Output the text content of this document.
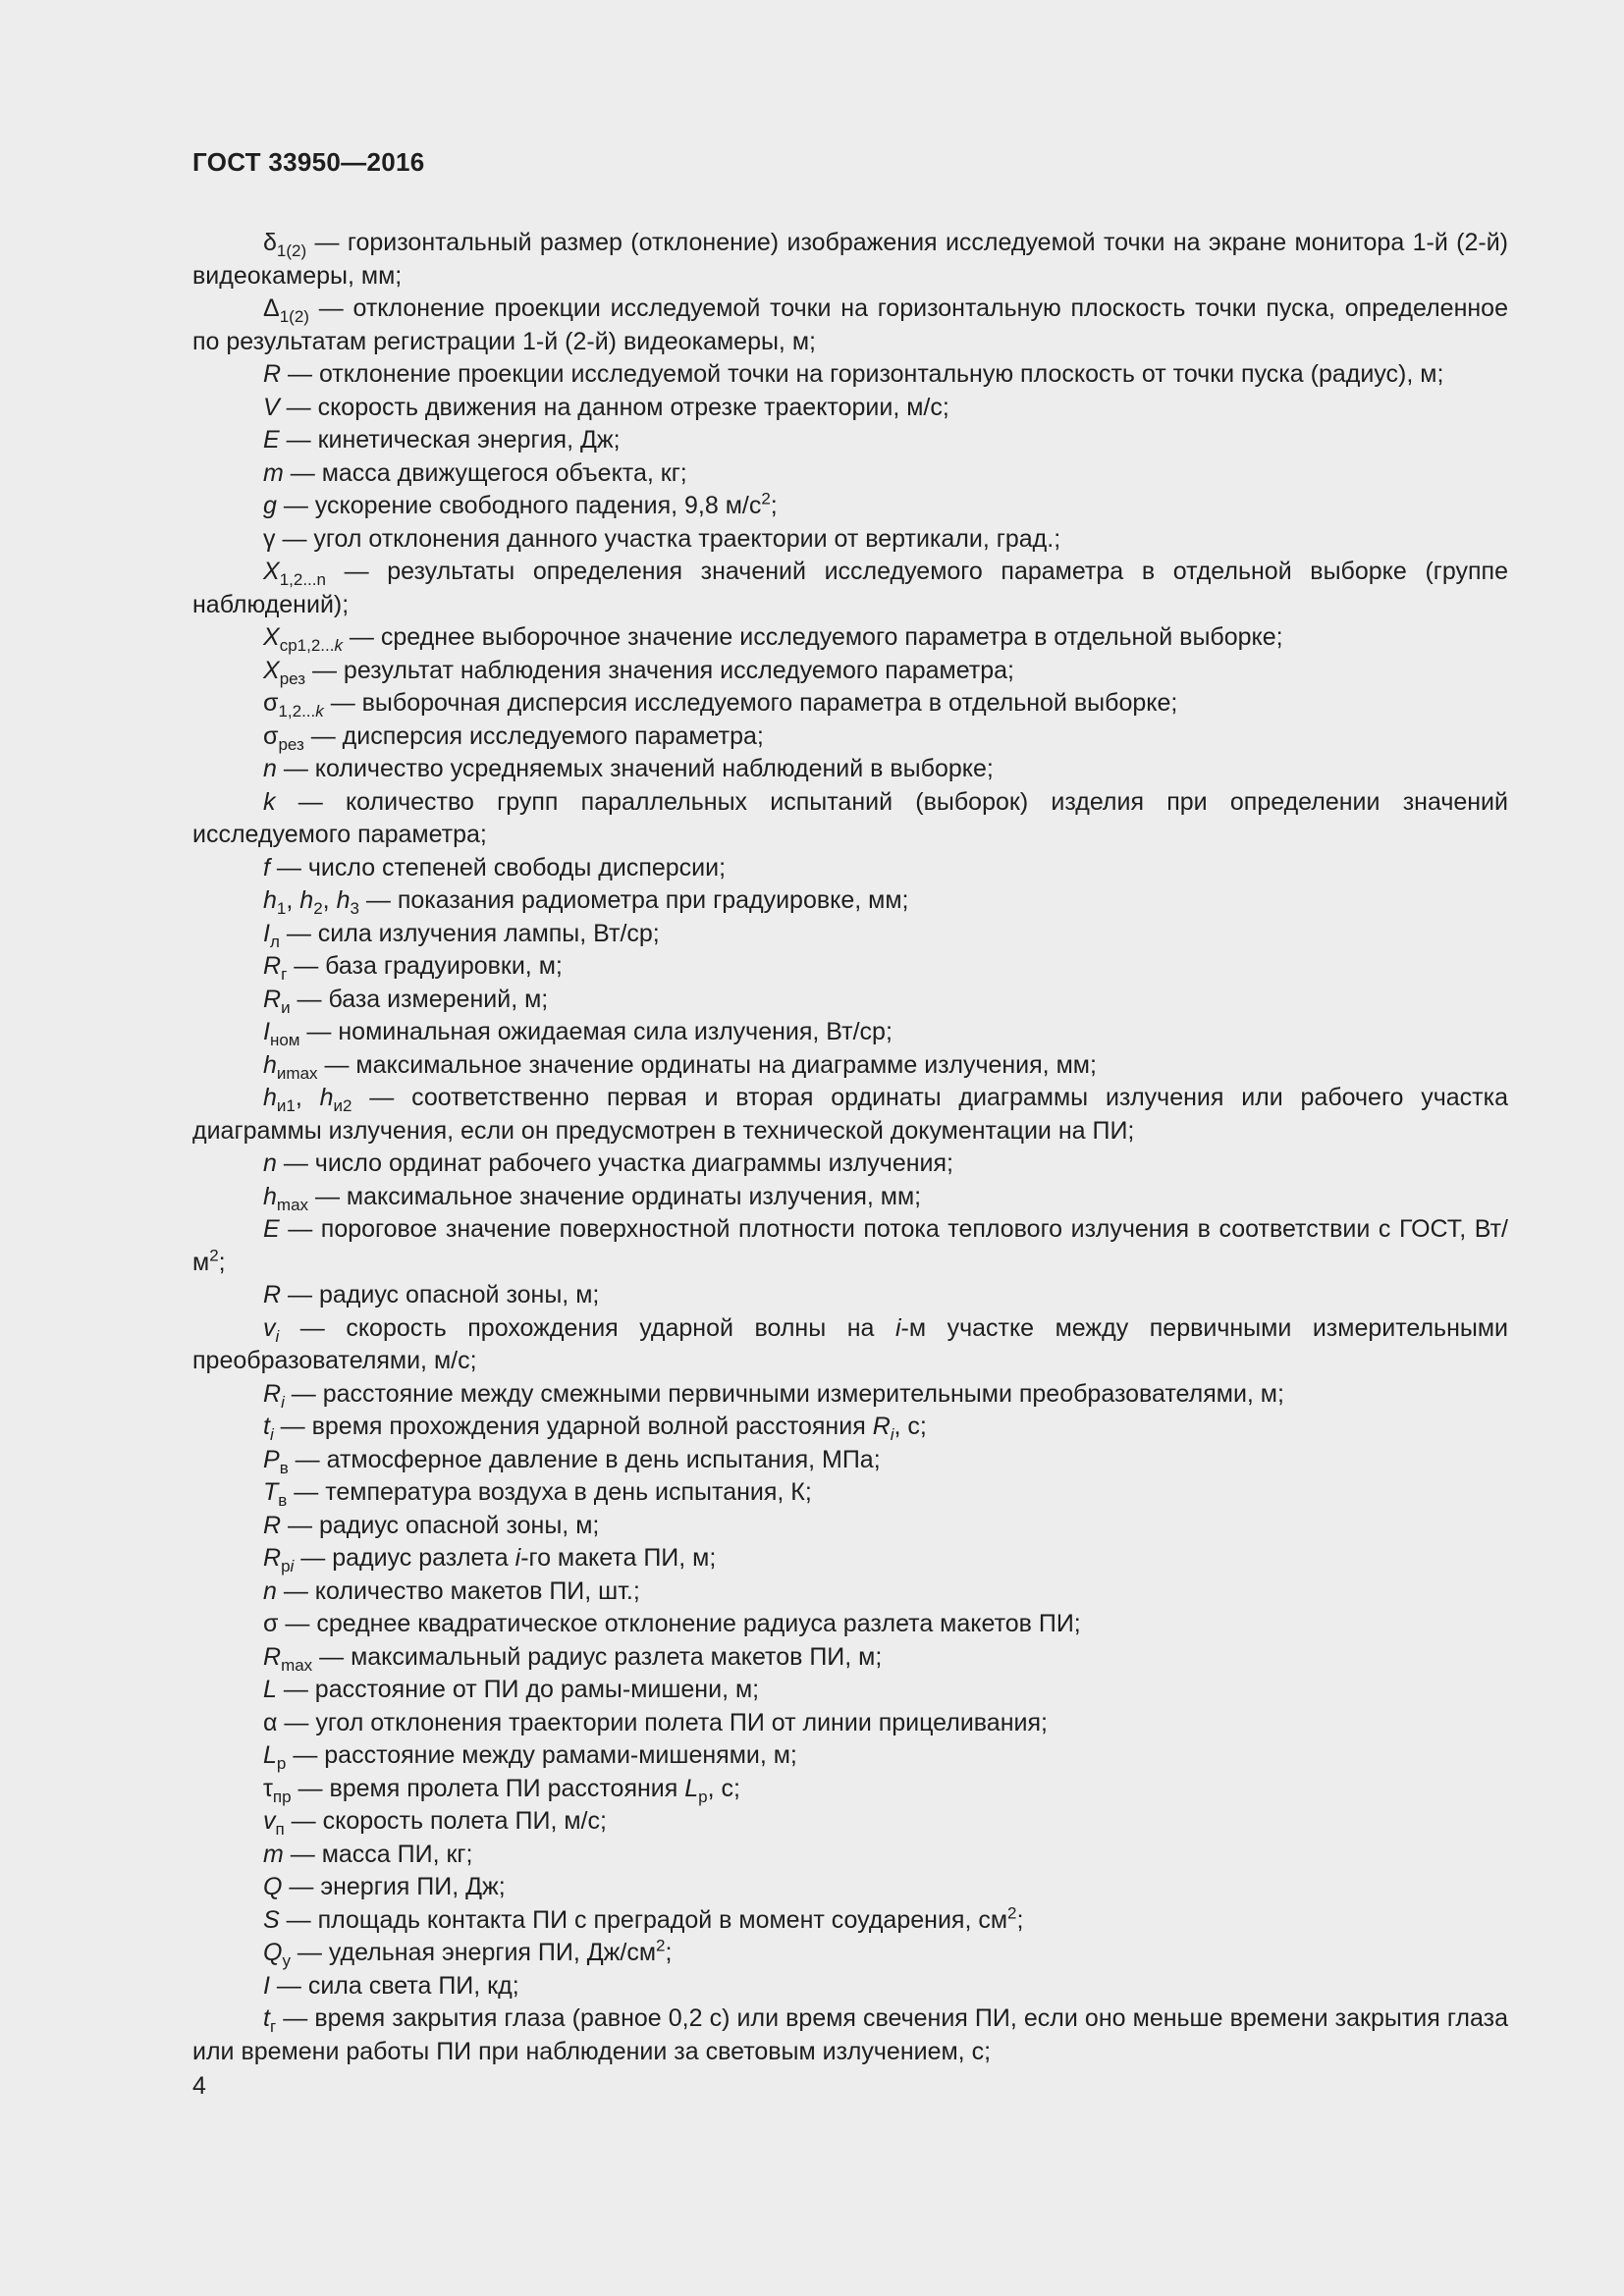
ГОСТ 33950—2016

$\delta_{1(2)}$ — горизонтальный размер (отклонение) изображения исследуемой точки на экране монитора 1-й (2-й) видеокамеры, мм;

$\Delta_{1(2)}$ — отклонение проекции исследуемой точки на горизонтальную плоскость точки пуска, определенное по результатам регистрации 1-й (2-й) видеокамеры, м;

R — отклонение проекции исследуемой точки на горизонтальную плоскость от точки пуска (радиус), м;

V — скорость движения на данном отрезке траектории, м/с;

E — кинетическая энергия, Дж;

m — масса движущегося объекта, кг;

g — ускорение свободного падения, 9,8 $м/с^2$;

γ — угол отклонения данного участка траектории от вертикали, град.;

$X_{1,2...n}$ — результаты определения значений исследуемого параметра в отдельной выборке (группе наблюдений);

$X_{ср1,2...k}$ — среднее выборочное значение исследуемого параметра в отдельной выборке;

$X_{рез}$ — результат наблюдения значения исследуемого параметра;

$\sigma_{1,2...k}$ — выборочная дисперсия исследуемого параметра в отдельной выборке;

$\sigma_{рез}$ — дисперсия исследуемого параметра;

n — количество усредняемых значений наблюдений в выборке;

k — количество групп параллельных испытаний (выборок) изделия при определении значений исследуемого параметра;

f — число степеней свободы дисперсии;

$h_1$, $h_2$, $h_3$ — показания радиометра при градуировке, мм;

$I_л$ — сила излучения лампы, Вт/ср;

$R_г$ — база градуировки, м;

$R_и$ — база измерений, м;

$I_{ном}$ — номинальная ожидаемая сила излучения, Вт/ср;

$h_{иmax}$ — максимальное значение ординаты на диаграмме излучения, мм;

$h_{и1}$, $h_{и2}$ — соответственно первая и вторая ординаты диаграммы излучения или рабочего участка диаграммы излучения, если он предусмотрен в технической документации на ПИ;

n — число ординат рабочего участка диаграммы излучения;

$h_{max}$ — максимальное значение ординаты излучения, мм;

E — пороговое значение поверхностной плотности потока теплового излучения в соответствии с ГОСТ, $Вт/м^2$;

R — радиус опасной зоны, м;

$v_i$ — скорость прохождения ударной волны на i-м участке между первичными измерительными преобразователями, м/с;

$R_i$ — расстояние между смежными первичными измерительными преобразователями, м;

$t_i$ — время прохождения ударной волной расстояния $R_i$, с;

$P_в$ — атмосферное давление в день испытания, МПа;

$T_в$ — температура воздуха в день испытания, К;

R — радиус опасной зоны, м;

$R_{рi}$ — радиус разлета i-го макета ПИ, м;

n — количество макетов ПИ, шт.;

σ — среднее квадратическое отклонение радиуса разлета макетов ПИ;

$R_{max}$ — максимальный радиус разлета макетов ПИ, м;

L — расстояние от ПИ до рамы-мишени, м;

α — угол отклонения траектории полета ПИ от линии прицеливания;

$L_р$ — расстояние между рамами-мишенями, м;

$\tau_{пр}$ — время пролета ПИ расстояния $L_р$, с;

$v_п$ — скорость полета ПИ, м/с;

m — масса ПИ, кг;

Q — энергия ПИ, Дж;

S — площадь контакта ПИ с преградой в момент соударения, $см^2$;

$Q_у$ — удельная энергия ПИ, $Дж/см^2$;

I — сила света ПИ, кд;

$t_г$ — время закрытия глаза (равное 0,2 с) или время свечения ПИ, если оно меньше времени закрытия глаза или времени работы ПИ при наблюдении за световым излучением, с;

4
